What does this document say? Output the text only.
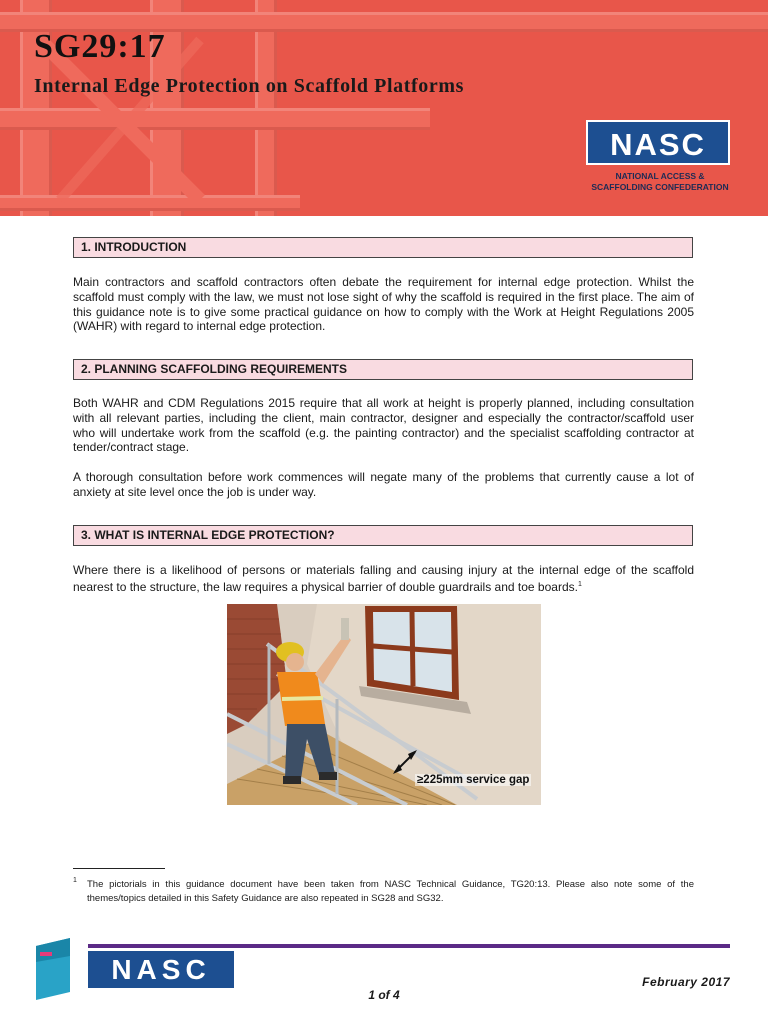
SG29:17
Internal Edge Protection on Scaffold Platforms
NASC
NATIONAL ACCESS & SCAFFOLDING CONFEDERATION
1. INTRODUCTION

Main contractors and scaffold contractors often debate the requirement for internal edge protection. Whilst the scaffold must comply with the law, we must not lose sight of why the scaffold is required in the first place. The aim of this guidance note is to give some practical guidance on how to comply with the Work at Height Regulations 2005 (WAHR) with regard to internal edge protection.

2. PLANNING SCAFFOLDING REQUIREMENTS

Both WAHR and CDM Regulations 2015 require that all work at height is properly planned, including consultation with all relevant parties, including the client, main contractor, designer and especially the contractor/scaffold user who will undertake work from the scaffold (e.g. the painting contractor) and the specialist scaffolding contractor at tender/contract stage.

A thorough consultation before work commences will negate many of the problems that currently cause a lot of anxiety at site level once the job is under way.

3. WHAT IS INTERNAL EDGE PROTECTION?

Where there is a likelihood of persons or materials falling and causing injury at the internal edge of the scaffold nearest to the structure, the law requires a physical barrier of double guardrails and toe boards.$^1$

≥225mm service gap
1 The pictorials in this guidance document have been taken from NASC Technical Guidance, TG20:13. Please also note some of the themes/topics detailed in this Safety Guidance are also repeated in SG28 and SG32.

NASC	February 2017
1 of 4
